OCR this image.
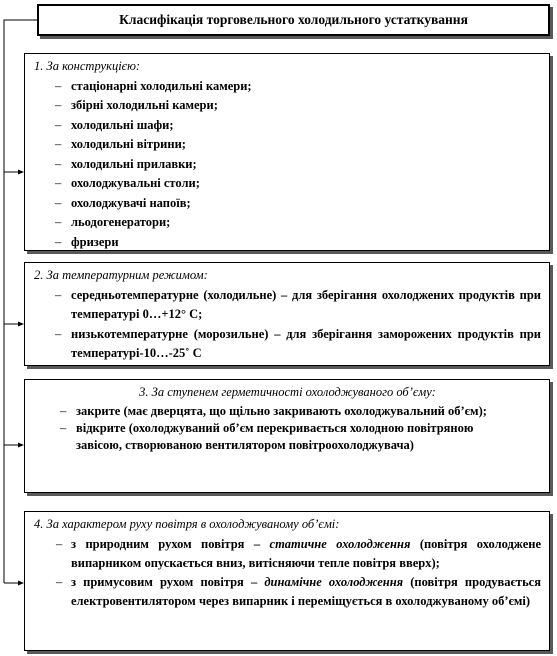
Класифікація торговельного холодильного устаткування
1. За конструкцією:
– стаціонарні холодильні камери;
– збірні холодильні камери;
– холодильні шафи;
– холодильні вітрини;
– холодильні прилавки;
– охолоджувальні столи;
– охолоджувачі напоїв;
– льодогенератори;
– фризери
2. За температурним режимом:
– середньотемпературне (холодильне) – для зберігання охолоджених продуктів при температурі 0…+12° С;
– низькотемпературне (морозильне) – для зберігання заморожених продуктів при температурі-10…-25˚ С
3. За ступенем герметичності охолоджуваного об’єму:
– закрите (має дверцята, що щільно закривають охолоджувальний об’єм);
– відкрите (охолоджуваний об’єм перекривається холодною повітряною завісою, створюваною вентилятором повітроохолоджувача)
4. За характером руху повітря в охолоджуваному об’ємі:
– з природним рухом повітря – статичне охолодження (повітря охолоджене випарником опускається вниз, витісняючи тепле повітря вверх);
– з примусовим рухом повітря – динамічне охолодження (повітря продувається електровентилятором через випарник і переміщується в охолоджуваному об’ємі)
